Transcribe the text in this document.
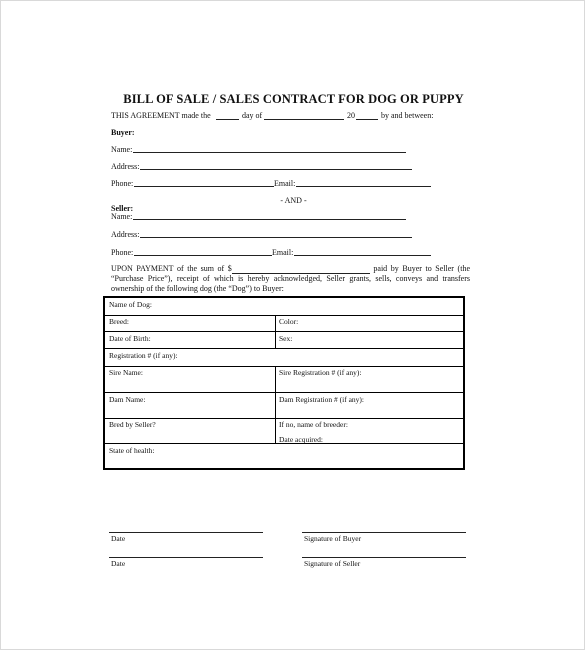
BILL OF SALE / SALES CONTRACT FOR DOG OR PUPPY
THIS AGREEMENT made the	day of	20	by and between:
Buyer:
Name:
Address:
Phone:	Email:
- AND -
Seller:
Name:
Address:
Phone:	Email:
UPON PAYMENT of the sum of $	paid by Buyer to Seller (the “Purchase Price”), receipt of which is hereby acknowledged, Seller grants, sells, conveys and transfers ownership of the following dog (the “Dog”) to Buyer:
Name of Dog:
Breed:	Color:
Date of Birth:	Sex:
Registration # (if any):
Sire Name:	Sire Registration # (if any):
Dam Name:	Dam Registration # (if any):
Bred by Seller?	If no, name of breeder:
Date acquired:
State of health:
Date	Signature of Buyer
Date	Signature of Seller
